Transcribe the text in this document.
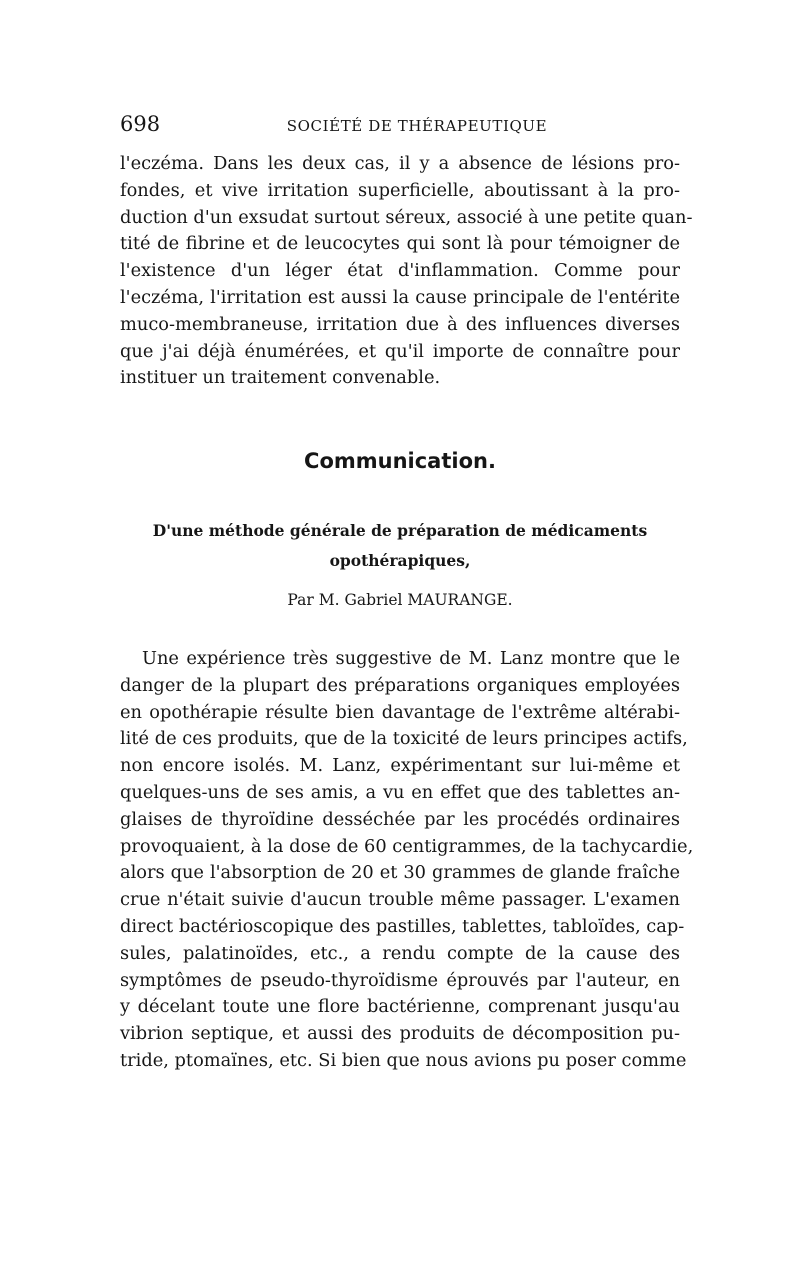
698	SOCIÉTÉ DE THÉRAPEUTIQUE

l'eczéma. Dans les deux cas, il y a absence de lésions pro-
fondes, et vive irritation superficielle, aboutissant à la pro-
duction d'un exsudat surtout séreux, associé à une petite quan-
tité de fibrine et de leucocytes qui sont là pour témoigner de
l'existence d'un léger état d'inflammation. Comme pour
l'eczéma, l'irritation est aussi la cause principale de l'entérite
muco-membraneuse, irritation due à des influences diverses
que j'ai déjà énumérées, et qu'il importe de connaître pour
instituer un traitement convenable.

Communication.
D'une méthode générale de préparation de médicaments
opothérapiques,

Par M. Gabriel MAURANGE.

Une expérience très suggestive de M. Lanz montre que le
danger de la plupart des préparations organiques employées
en opothérapie résulte bien davantage de l'extrême altérabi-
lité de ces produits, que de la toxicité de leurs principes actifs,
non encore isolés. M. Lanz, expérimentant sur lui-même et
quelques-uns de ses amis, a vu en effet que des tablettes an-
glaises de thyroïdine desséchée par les procédés ordinaires
provoquaient, à la dose de 60 centigrammes, de la tachycardie,
alors que l'absorption de 20 et 30 grammes de glande fraîche
crue n'était suivie d'aucun trouble même passager. L'examen
direct bactérioscopique des pastilles, tablettes, tabloïdes, cap-
sules, palatinoïdes, etc., a rendu compte de la cause des
symptômes de pseudo-thyroïdisme éprouvés par l'auteur, en
y décelant toute une flore bactérienne, comprenant jusqu'au
vibrion septique, et aussi des produits de décomposition pu-
tride, ptomaïnes, etc. Si bien que nous avions pu poser comme
